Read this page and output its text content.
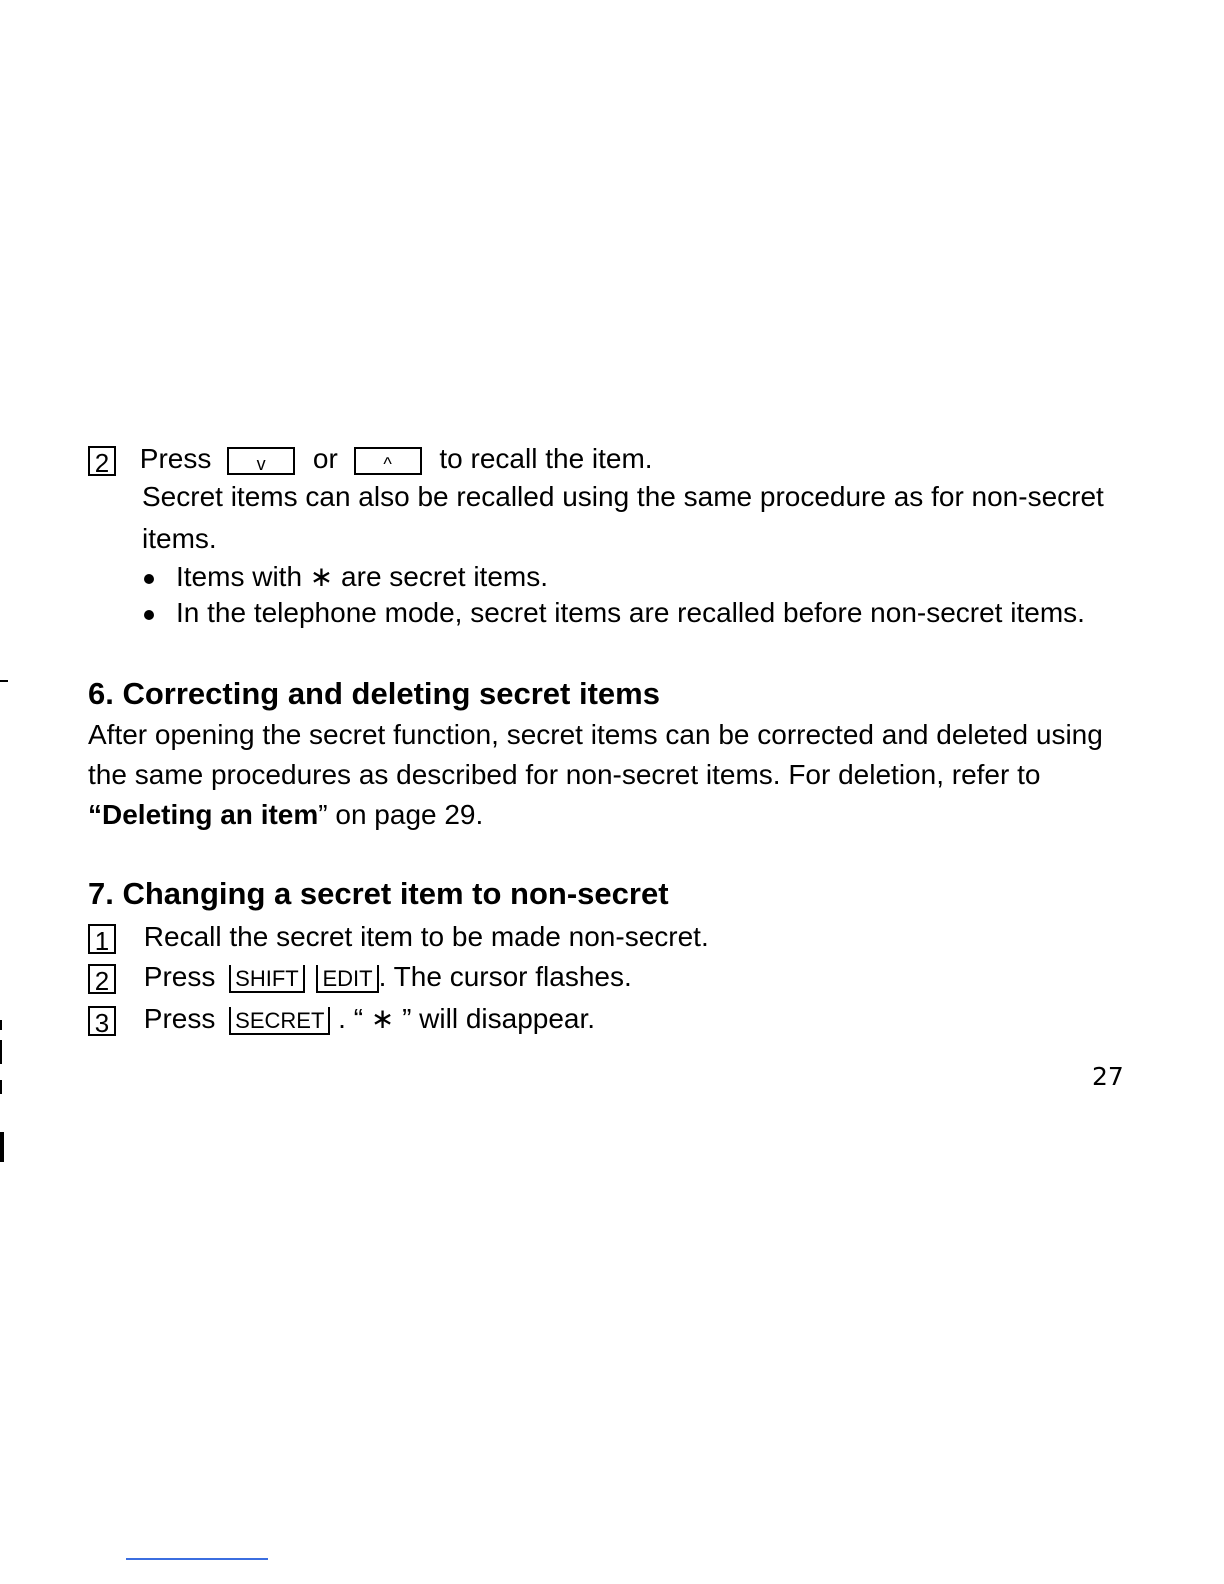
2 Press	v or	^ to recall the item.
Secret items can also be recalled using the same procedure as for non-secret
items.
Items with ∗ are secret items.
In the telephone mode, secret items are recalled before non-secret items.
6. Correcting and deleting secret items
After opening the secret function, secret items can be corrected and deleted using
the same procedures as described for non-secret items. For deletion, refer to
“Deleting an item” on page 29.
7. Changing a secret item to non-secret
1 Recall the secret item to be made non-secret.
2 Press SHIFT EDIT . The cursor flashes.
3 Press SECRET . “ ∗ ” will disappear.
27
